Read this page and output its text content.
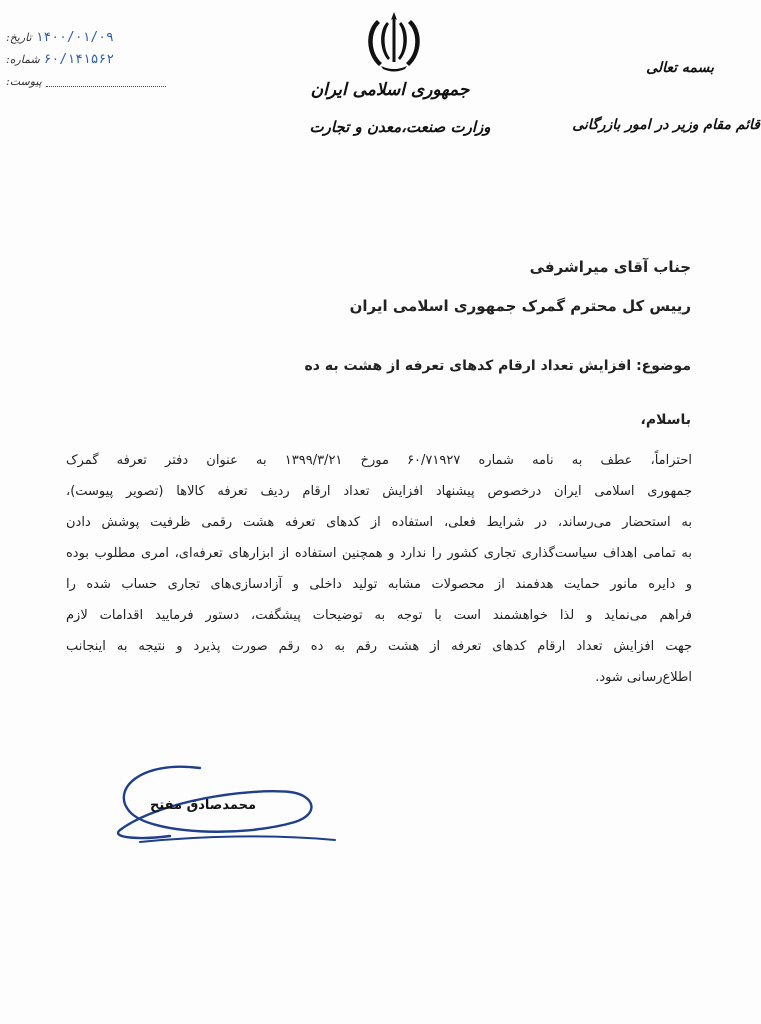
تاریخ: ۱۴۰۰/۰۱/۰۹
شماره: ۶۰/۱۴۱۵۶۲
پیوست:	جمهوری اسلامی ایران
وزارت صنعت،معدن و تجارت
بسمه تعالی
قائم مقام وزیر در امور بازرگانی
جناب آقای میراشرفی
رییس کل محترم گمرک جمهوری اسلامی ایران
موضوع: افزایش تعداد ارقام کدهای تعرفه از هشت به ده
باسلام،
احتراماً، عطف به نامه شماره ۶۰/۷۱۹۲۷ مورخ ۱۳۹۹/۳/۲۱ به عنوان دفتر تعرفه گمرک
جمهوری اسلامی ایران درخصوص پیشنهاد افزایش تعداد ارقام ردیف تعرفه کالاها (تصویر پیوست)،
به استحضار می‌رساند، در شرایط فعلی، استفاده از کدهای تعرفه هشت رقمی ظرفیت پوشش دادن
به تمامی اهداف سیاست‌گذاری تجاری کشور را ندارد و همچنین استفاده از ابزارهای تعرفه‌ای، امری مطلوب بوده
و دایره مانور حمایت هدفمند از محصولات مشابه تولید داخلی و آزادسازی‌های تجاری حساب شده را
فراهم می‌نماید و لذا خواهشمند است با توجه به توضیحات پیشگفت، دستور فرمایید اقدامات لازم
جهت افزایش تعداد ارقام کدهای تعرفه از هشت رقم به ده رقم صورت پذیرد و نتیجه به اینجانب
اطلاع‌رسانی شود.
محمدصادق مفتح
